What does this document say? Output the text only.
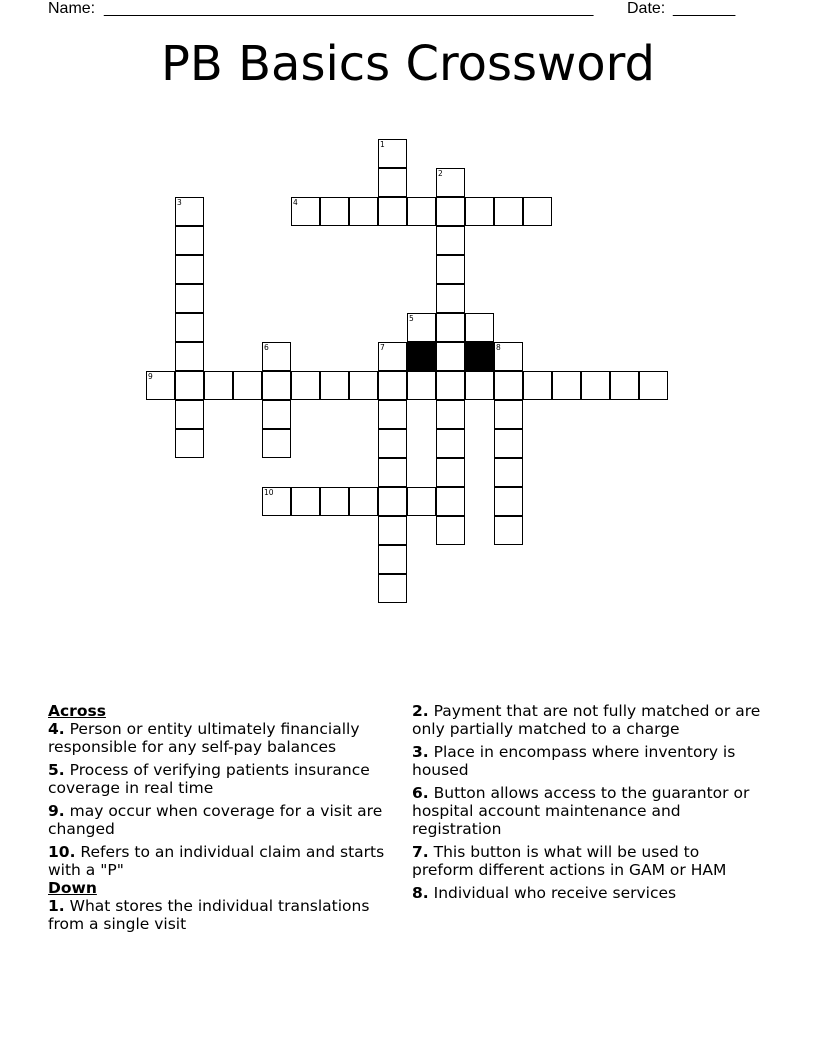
Name: _______________________________________________________ Date: _______
PB Basics Crossword
1
2
3	4
5
6	7	8
9
10

Across

4. Person or entity ultimately financially responsible for any self-pay balances
5. Process of verifying patients insurance coverage in real time
9. may occur when coverage for a visit are changed
10. Refers to an individual claim and starts with a "P"

Down

1. What stores the individual translations from a single visit
2. Payment that are not fully matched or are only partially matched to a charge
3. Place in encompass where inventory is housed
6. Button allows access to the guarantor or hospital account maintenance and registration
7. This button is what will be used to preform different actions in GAM or HAM
8. Individual who receive services
